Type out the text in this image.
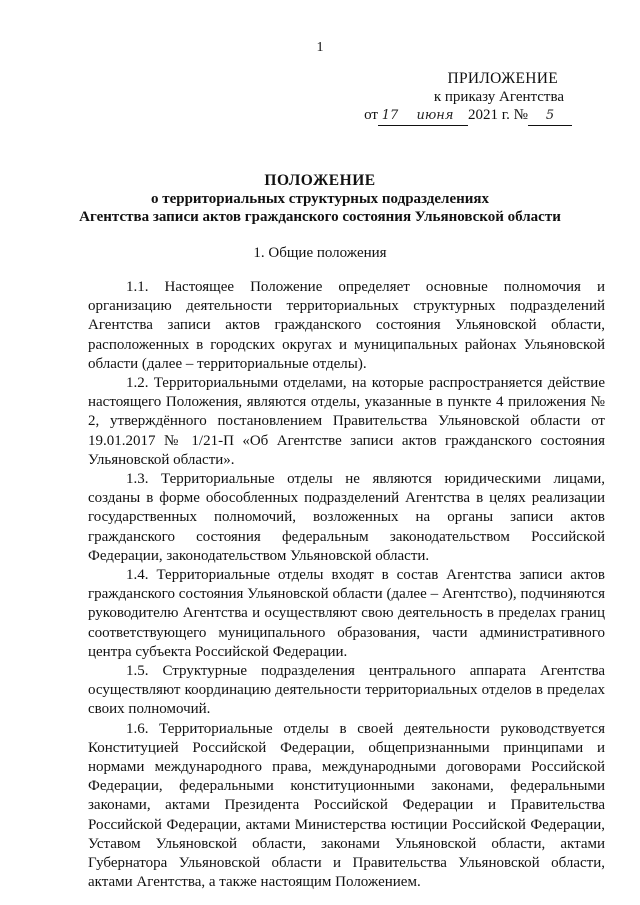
1
ПРИЛОЖЕНИЕ
к приказу Агентства
от 17 июня 2021 г. № 5
ПОЛОЖЕНИЕ
о территориальных структурных подразделениях
Агентства записи актов гражданского состояния Ульяновской области
1. Общие положения

1.1. Настоящее Положение определяет основные полномочия и организацию деятельности территориальных структурных подразделений Агентства записи актов гражданского состояния Ульяновской области, расположенных в городских округах и муниципальных районах Ульяновской области (далее – территориальные отделы).

1.2. Территориальными отделами, на которые распространяется действие настоящего Положения, являются отделы, указанные в пункте 4 приложения № 2, утверждённого постановлением Правительства Ульяновской области от 19.01.2017 № 1/21-П «Об Агентстве записи актов гражданского состояния Ульяновской области».

1.3. Территориальные отделы не являются юридическими лицами, созданы в форме обособленных подразделений Агентства в целях реализации государственных полномочий, возложенных на органы записи актов гражданского состояния федеральным законодательством Российской Федерации, законодательством Ульяновской области.

1.4. Территориальные отделы входят в состав Агентства записи актов гражданского состояния Ульяновской области (далее – Агентство), подчиняются руководителю Агентства и осуществляют свою деятельность в пределах границ соответствующего муниципального образования, части административного центра субъекта Российской Федерации.

1.5. Структурные подразделения центрального аппарата Агентства осуществляют координацию деятельности территориальных отделов в пределах своих полномочий.

1.6. Территориальные отделы в своей деятельности руководствуется Конституцией Российской Федерации, общепризнанными принципами и нормами международного права, международными договорами Российской Федерации, федеральными конституционными законами, федеральными законами, актами Президента Российской Федерации и Правительства Российской Федерации, актами Министерства юстиции Российской Федерации, Уставом Ульяновской области, законами Ульяновской области, актами Губернатора Ульяновской области и Правительства Ульяновской области, актами Агентства, а также настоящим Положением.
